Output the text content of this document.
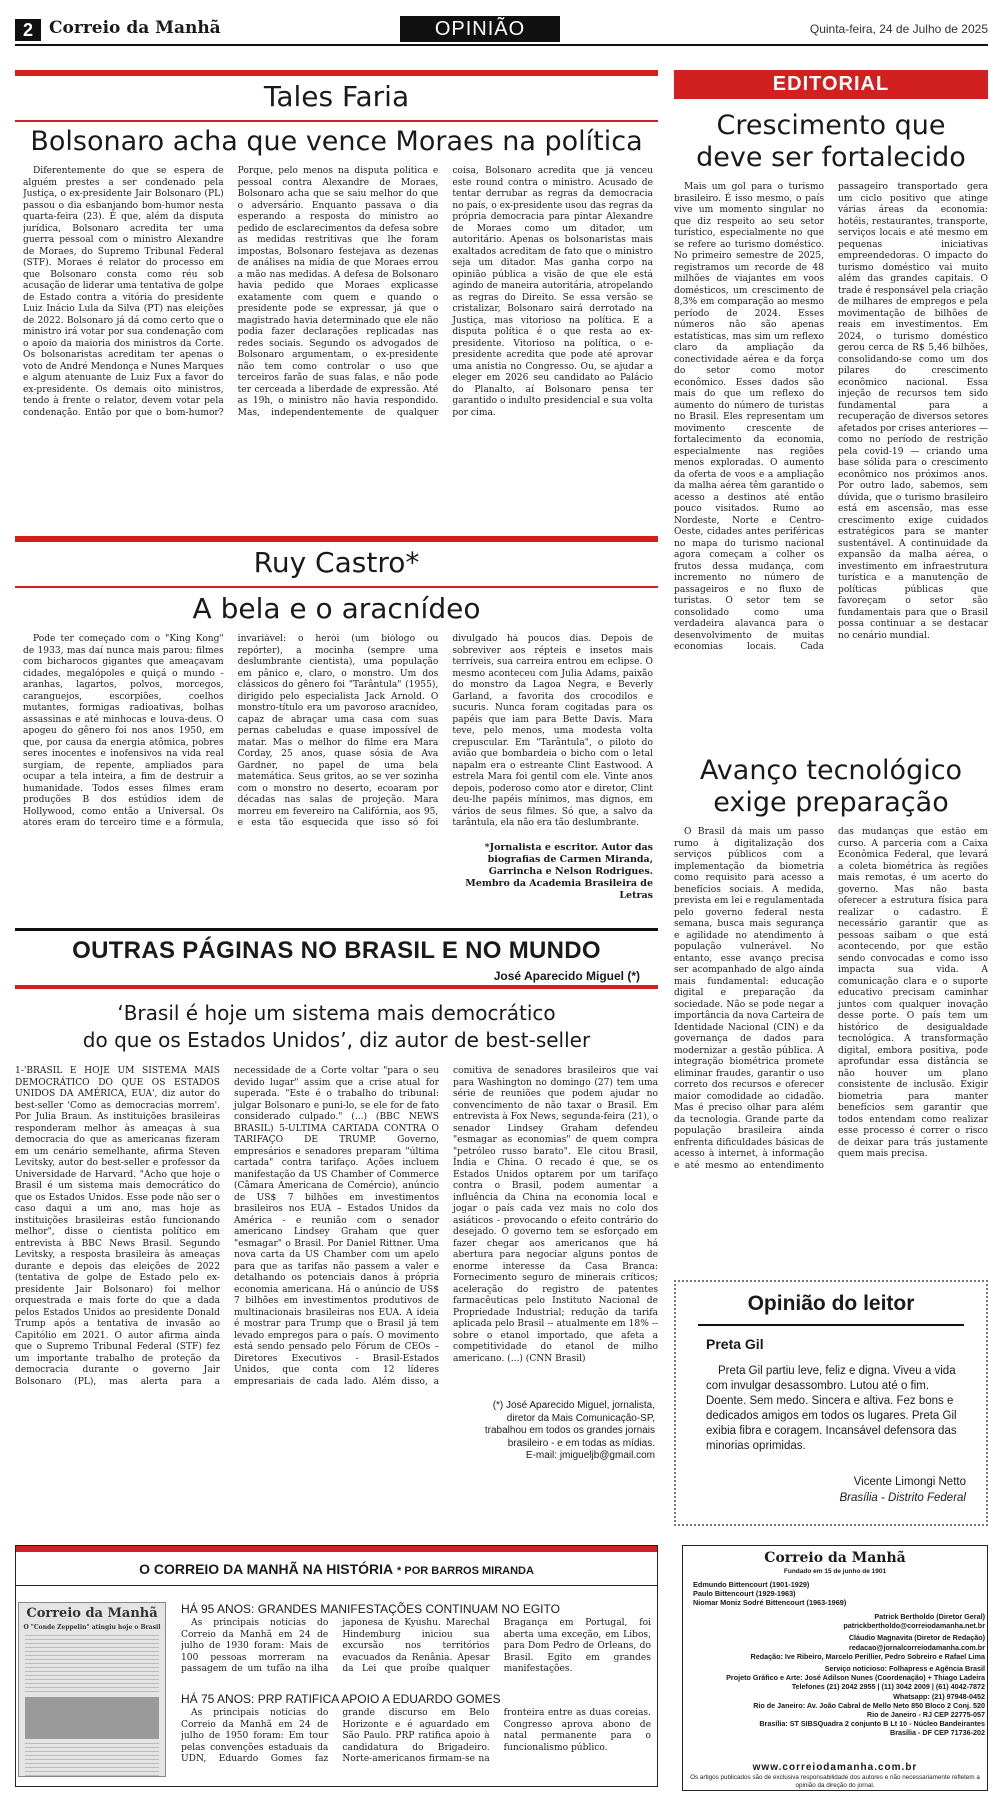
2 Correio da Manhã	OPINIÃO	Quinta-feira, 24 de Julho de 2025
Tales Faria
Bolsonaro acha que vence Moraes na política
Diferentemente do que se espera de alguém prestes a ser condenado pela Justiça, o ex-presidente Jair Bolsonaro (PL) passou o dia esbanjando bom-humor nesta quarta-feira (23). É que, além da disputa jurídica, Bolsonaro acredita ter uma guerra pessoal com o ministro Alexandre de Moraes, do Supremo Tribunal Federal (STF). Moraes é relator do processo em que Bolsonaro consta como réu sob acusação de liderar uma tentativa de golpe de Estado contra a vitória do presidente Luiz Inácio Lula da Silva (PT) nas eleições de 2022. Bolsonaro já dá como certo que o ministro irá votar por sua condenação com o apoio da maioria dos ministros da Corte. Os bolsonaristas acreditam ter apenas o voto de André Mendonça e Nunes Marques e algum atenuante de Luiz Fux a favor do ex-presidente. Os demais oito ministros, tendo à frente o relator, devem votar pela condenação. Então por que o bom-humor? Porque, pelo menos na disputa política e pessoal contra Alexandre de Moraes, Bolsonaro acha que se saiu melhor do que o adversário. Enquanto passava o dia esperando a resposta do ministro ao pedido de esclarecimentos da defesa sobre as medidas restritivas que lhe foram impostas, Bolsonaro festejava as dezenas de análises na mídia de que Moraes errou a mão nas medidas. A defesa de Bolsonaro havia pedido que Moraes explicasse exatamente com quem e quando o presidente pode se expressar, já que o magistrado havia determinado que ele não podia fazer declarações replicadas nas redes sociais. Segundo os advogados de Bolsonaro argumentam, o ex-presidente não tem como controlar o uso que terceiros farão de suas falas, e não pode ter cerceada a liberdade de expressão. Até as 19h, o ministro não havia respondido. Mas, independentemente de qualquer coisa, Bolsonaro acredita que já venceu este round contra o ministro. Acusado de tentar derrubar as regras da democracia no país, o ex-presidente usou das regras da própria democracia para pintar Alexandre de Moraes como um ditador, um autoritário. Apenas os bolsonaristas mais exaltados acreditam de fato que o ministro seja um ditador. Mas ganha corpo na opinião pública a visão de que ele está agindo de maneira autoritária, atropelando as regras do Direito. Se essa versão se cristalizar, Bolsonaro sairá derrotado na Justiça, mas vitorioso na política. E a disputa política é o que resta ao ex-presidente. Vitorioso na política, o e-presidente acredita que pode até aprovar uma anistia no Congresso. Ou, se ajudar a eleger em 2026 seu candidato ao Palácio do Planalto, aí Bolsonaro pensa ter garantido o indulto presidencial e sua volta por cima.
Ruy Castro*
A bela e o aracnídeo
Pode ter começado com o "King Kong" de 1933, mas daí nunca mais parou: filmes com bicharocos gigantes que ameaçavam cidades, megalópoles e quiçá o mundo -aranhas, lagartos, polvos, morcegos, caranguejos, escorpiões, coelhos mutantes, formigas radioativas, bolhas assassinas e até minhocas e louva-deus. O apogeu do gênero foi nos anos 1950, em que, por causa da energia atômica, pobres seres inocentes e inofensivos na vida real surgiam, de repente, ampliados para ocupar a tela inteira, a fim de destruir a humanidade. Todos esses filmes eram produções B dos estúdios idem de Hollywood, como então a Universal. Os atores eram do terceiro time e a fórmula, invariável: o herói (um biólogo ou repórter), a mocinha (sempre uma deslumbrante cientista), uma população em pânico e, claro, o monstro. Um dos clássicos do gênero foi "Tarântula" (1955), dirigido pelo especialista Jack Arnold. O monstro-título era um pavoroso aracnídeo, capaz de abraçar uma casa com suas pernas cabeludas e quase impossível de matar. Mas o melhor do filme era Mara Corday, 25 anos, quase sósia de Ava Gardner, no papel de uma bela matemática. Seus gritos, ao se ver sozinha com o monstro no deserto, ecoaram por décadas nas salas de projeção. Mara morreu em fevereiro na Califórnia, aos 95, e esta tão esquecida que isso só foi divulgado há poucos dias. Depois de sobreviver aos répteis e insetos mais terríveis, sua carreira entrou em eclipse. O mesmo aconteceu com Julia Adams, paixão do monstro da Lagoa Negra, e Beverly Garland, a favorita dos crocodilos e sucuris. Nunca foram cogitadas para os papéis que iam para Bette Davis. Mara teve, pelo menos, uma modesta volta crepuscular. Em "Tarântula", o piloto do avião que bombardeia o bicho com o letal napalm era o estreante Clint Eastwood. A estrela Mara foi gentil com ele. Vinte anos depois, poderoso como ator e diretor, Clint deu-lhe papéis mínimos, mas dignos, em vários de seus filmes. Só que, a salvo da tarântula, ela não era tão deslumbrante.
*Jornalista e escritor. Autor das biografias de Carmen Miranda, Garrincha e Nelson Rodrigues. Membro da Academia Brasileira de Letras
OUTRAS PÁGINAS NO BRASIL E NO MUNDO
José Aparecido Miguel (*)
‘Brasil é hoje um sistema mais democrático
do que os Estados Unidos’, diz autor de best-seller
1-'BRASIL É HOJE UM SISTEMA MAIS DEMOCRÁTICO DO QUE OS ESTADOS UNIDOS DA AMÉRICA, EUA', diz autor do best-seller 'Como as democracias morrem'. Por Julia Braun. As instituições brasileiras responderam melhor às ameaças à sua democracia do que as americanas fizeram em um cenário semelhante, afirma Steven Levitsky, autor do best-seller e professor da Universidade de Harvard. "Acho que hoje o Brasil é um sistema mais democrático do que os Estados Unidos. Esse pode não ser o caso daqui a um ano, mas hoje as instituições brasileiras estão funcionando melhor", disse o cientista político em entrevista à BBC News Brasil. Segundo Levitsky, a resposta brasileira às ameaças durante e depois das eleições de 2022 (tentativa de golpe de Estado pelo ex-presidente Jair Bolsonaro) foi melhor orquestrada e mais forte do que a dada pelos Estados Unidos ao presidente Donald Trump após a tentativa de invasão ao Capitólio em 2021. O autor afirma ainda que o Supremo Tribunal Federal (STF) fez um importante trabalho de proteção da democracia durante o governo Jair Bolsonaro (PL), mas alerta para a necessidade de a Corte voltar "para o seu devido lugar" assim que a crise atual for superada. "Este é o trabalho do tribunal: julgar Bolsonaro e puni-lo, se ele for de fato considerado culpado." (...) (BBC NEWS BRASIL) 5-ULTIMA CARTADA CONTRA O TARIFAÇO DE TRUMP. Governo, empresários e senadores preparam "última cartada" contra tarifaço. Ações incluem manifestação da US Chamber of Commerce (Câmara Americana de Comércio), anúncio de US$ 7 bilhões em investimentos brasileiros nos EUA – Estados Unidos da América - e reunião com o senador americano Lindsey Graham que quer "esmagar" o Brasil. Por Daniel Rittner. Uma nova carta da US Chamber com um apelo para que as tarifas não passem a valer e detalhando os potenciais danos à própria economia americana. Há o anúncio de US$ 7 bilhões em investimentos produtivos de multinacionais brasileiras nos EUA. A ideia é mostrar para Trump que o Brasil já tem levado empregos para o país. O movimento está sendo pensado pelo Fórum de CEOs – Diretores Executivos - Brasil-Estados Unidos, que conta com 12 líderes empresariais de cada lado. Além disso, a comitiva de senadores brasileiros que vai para Washington no domingo (27) tem uma série de reuniões que podem ajudar no convencimento de não taxar o Brasil. Em entrevista à Fox News, segunda-feira (21), o senador Lindsey Graham defendeu "esmagar as economias" de quem compra "petróleo russo barato". Ele citou Brasil, Índia e China. O recado é que, se os Estados Unidos optarem por um tarifaço contra o Brasil, podem aumentar a influência da China na economia local e jogar o país cada vez mais no colo dos asiáticos - provocando o efeito contrário do desejado. O governo tem se esforçado em fazer chegar aos americanos que há abertura para negociar alguns pontos de enorme interesse da Casa Branca: Fornecimento seguro de minerais críticos; aceleração do registro de patentes farmacêuticas pelo Instituto Nacional de Propriedade Industrial; redução da tarifa aplicada pelo Brasil -- atualmente em 18% -- sobre o etanol importado, que afeta a competitividade do etanol de milho americano. (...) (CNN Brasil)
(*) José Aparecido Miguel, jornalista,
diretor da Mais Comunicação-SP,
trabalhou em todos os grandes jornais
brasileiro - e em todas as mídias.
E-mail: jmigueljb@gmail.com
O CORREIO DA MANHÃ NA HISTÓRIA * POR BARROS MIRANDA
Correio da Manhã
O "Conde Zeppelin" atingiu hoje o Brasil
HÁ 95 ANOS: GRANDES MANIFESTAÇÕES CONTINUAM NO EGITO
As principais notícias do Correio da Manhã em 24 de julho de 1930 foram: Mais de 100 pessoas morreram na passagem de um tufão na ilha japonesa de Kyushu. Marechal Hindemburg iniciou sua excursão nos territórios evacuados da Renânia. Apesar da Lei que proíbe qualquer Bragança em Portugal, foi aberta uma exceção, em Libos, para Dom Pedro de Orleans, do Brasil. Egito em grandes manifestações.
HÁ 75 ANOS: PRP RATIFICA APOIO A EDUARDO GOMES
As principais notícias do Correio da Manhã em 24 de julho de 1950 foram: Em tour pelas convenções estaduais da UDN, Eduardo Gomes faz grande discurso em Belo Horizonte e é aguardado em São Paulo. PRP ratifica apoio à candidatura do Brigadeiro. Norte-americanos firmam-se na fronteira entre as duas coreias. Congresso aprova abono de natal permanente para o funcionalismo público.
EDITORIAL
Crescimento que
deve ser fortalecido
Mais um gol para o turismo brasileiro. É isso mesmo, o país vive um momento singular no que diz respeito ao seu setor turístico, especialmente no que se refere ao turismo doméstico. No primeiro semestre de 2025, registramos um recorde de 48 milhões de viajantes em voos domésticos, um crescimento de 8,3% em comparação ao mesmo período de 2024. Esses números não são apenas estatísticas, mas sim um reflexo claro da ampliação da conectividade aérea e da força do setor como motor econômico. Esses dados são mais do que um reflexo do aumento do número de turistas no Brasil. Eles representam um movimento crescente de fortalecimento da economia, especialmente nas regiões menos exploradas. O aumento da oferta de voos e a ampliação da malha aérea têm garantido o acesso a destinos até então pouco visitados. Rumo ao Nordeste, Norte e Centro-Oeste, cidades antes periféricas no mapa do turismo nacional agora começam a colher os frutos dessa mudança, com incremento no número de passageiros e no fluxo de turistas. O setor tem se consolidado como uma verdadeira alavanca para o desenvolvimento de muitas economias locais. Cada passageiro transportado gera um ciclo positivo que atinge várias áreas da economia: hotéis, restaurantes, transporte, serviços locais e até mesmo em pequenas iniciativas empreendedoras. O impacto do turismo doméstico vai muito além das grandes capitais. O trade é responsável pela criação de milhares de empregos e pela movimentação de bilhões de reais em investimentos. Em 2024, o turismo doméstico gerou cerca de R$ 5,46 bilhões, consolidando-se como um dos pilares do crescimento econômico nacional. Essa injeção de recursos tem sido fundamental para a recuperação de diversos setores afetados por crises anteriores — como no período de restrição pela covid-19 — criando uma base sólida para o crescimento econômico nos próximos anos. Por outro lado, sabemos, sem dúvida, que o turismo brasileiro está em ascensão, mas esse crescimento exige cuidados estratégicos para se manter sustentável. A continuidade da expansão da malha aérea, o investimento em infraestrutura turística e a manutenção de políticas públicas que favoreçam o setor são fundamentais para que o Brasil possa continuar a se destacar no cenário mundial.
Avanço tecnológico
exige preparação
O Brasil dá mais um passo rumo à digitalização dos serviços públicos com a implementação da biometria como requisito para acesso a benefícios sociais. A medida, prevista em lei e regulamentada pelo governo federal nesta semana, busca mais segurança e agilidade no atendimento à população vulnerável. No entanto, esse avanço precisa ser acompanhado de algo ainda mais fundamental: educação digital e preparação da sociedade. Não se pode negar a importância da nova Carteira de Identidade Nacional (CIN) e da governança de dados para modernizar a gestão pública. A integração biométrica promete eliminar fraudes, garantir o uso correto dos recursos e oferecer maior comodidade ao cidadão. Mas é preciso olhar para além da tecnologia. Grande parte da população brasileira ainda enfrenta dificuldades básicas de acesso à internet, à informação e até mesmo ao entendimento das mudanças que estão em curso. A parceria com a Caixa Econômica Federal, que levará a coleta biométrica às regiões mais remotas, é um acerto do governo. Mas não basta oferecer a estrutura física para realizar o cadastro. É necessário garantir que as pessoas saibam o que está acontecendo, por que estão sendo convocadas e como isso impacta sua vida. A comunicação clara e o suporte educativo precisam caminhar juntos com qualquer inovação desse porte. O país tem um histórico de desigualdade tecnológica. A transformação digital, embora positiva, pode aprofundar essa distância se não houver um plano consistente de inclusão. Exigir biometria para manter benefícios sem garantir que todos entendam como realizar esse processo é correr o risco de deixar para trás justamente quem mais precisa.
Opinião do leitor
Preta Gil
Preta Gil partiu leve, feliz e digna. Viveu a vida com invulgar desassombro. Lutou até o fim. Doente. Sem medo. Sincera e altiva. Fez bons e dedicados amigos em todos os lugares. Preta Gil exibia fibra e coragem. Incansável defensora das minorias oprimidas.
Vicente Limongi Netto
Brasília - Distrito Federal
Correio da Manhã
Fundado em 15 de junho de 1901
Edmundo Bittencourt (1901-1929)
Paulo Bittencourt (1929-1963)
Niomar Moniz Sodré Bittencourt (1963-1969)
Patrick Bertholdo (Diretor Geral)
patrickbertholdo@correiodamanha.net.br
Cláudio Magnavita (Diretor de Redação)
redacao@jornalcorreiodamanha.com.br
Redação: Ive Ribeiro, Marcelo Perillier, Pedro Sobreiro e Rafael Lima
Serviço noticioso: Folhapress e Agência Brasil
Projeto Gráfico e Arte: José Adilson Nunes (Coordenação) + Thiago Ladeira
Telefones (21) 2042 2955 | (11) 3042 2009 | (61) 4042-7872
Whatsapp: (21) 97948-0452
Rio de Janeiro: Av. João Cabral de Mello Neto 850 Bloco 2 Conj. 520
Rio de Janeiro - RJ CEP 22775-057
Brasília: ST SIBSQuadra 2 conjunto B Lt 10 - Núcleo Bandeirantes
Brasília - DF CEP 71736-202
www.correiodamanha.com.br
Os artigos publicados são de exclusiva responsabilidade dos autores e não necessariamente refletem a opinião da direção do jornal.
